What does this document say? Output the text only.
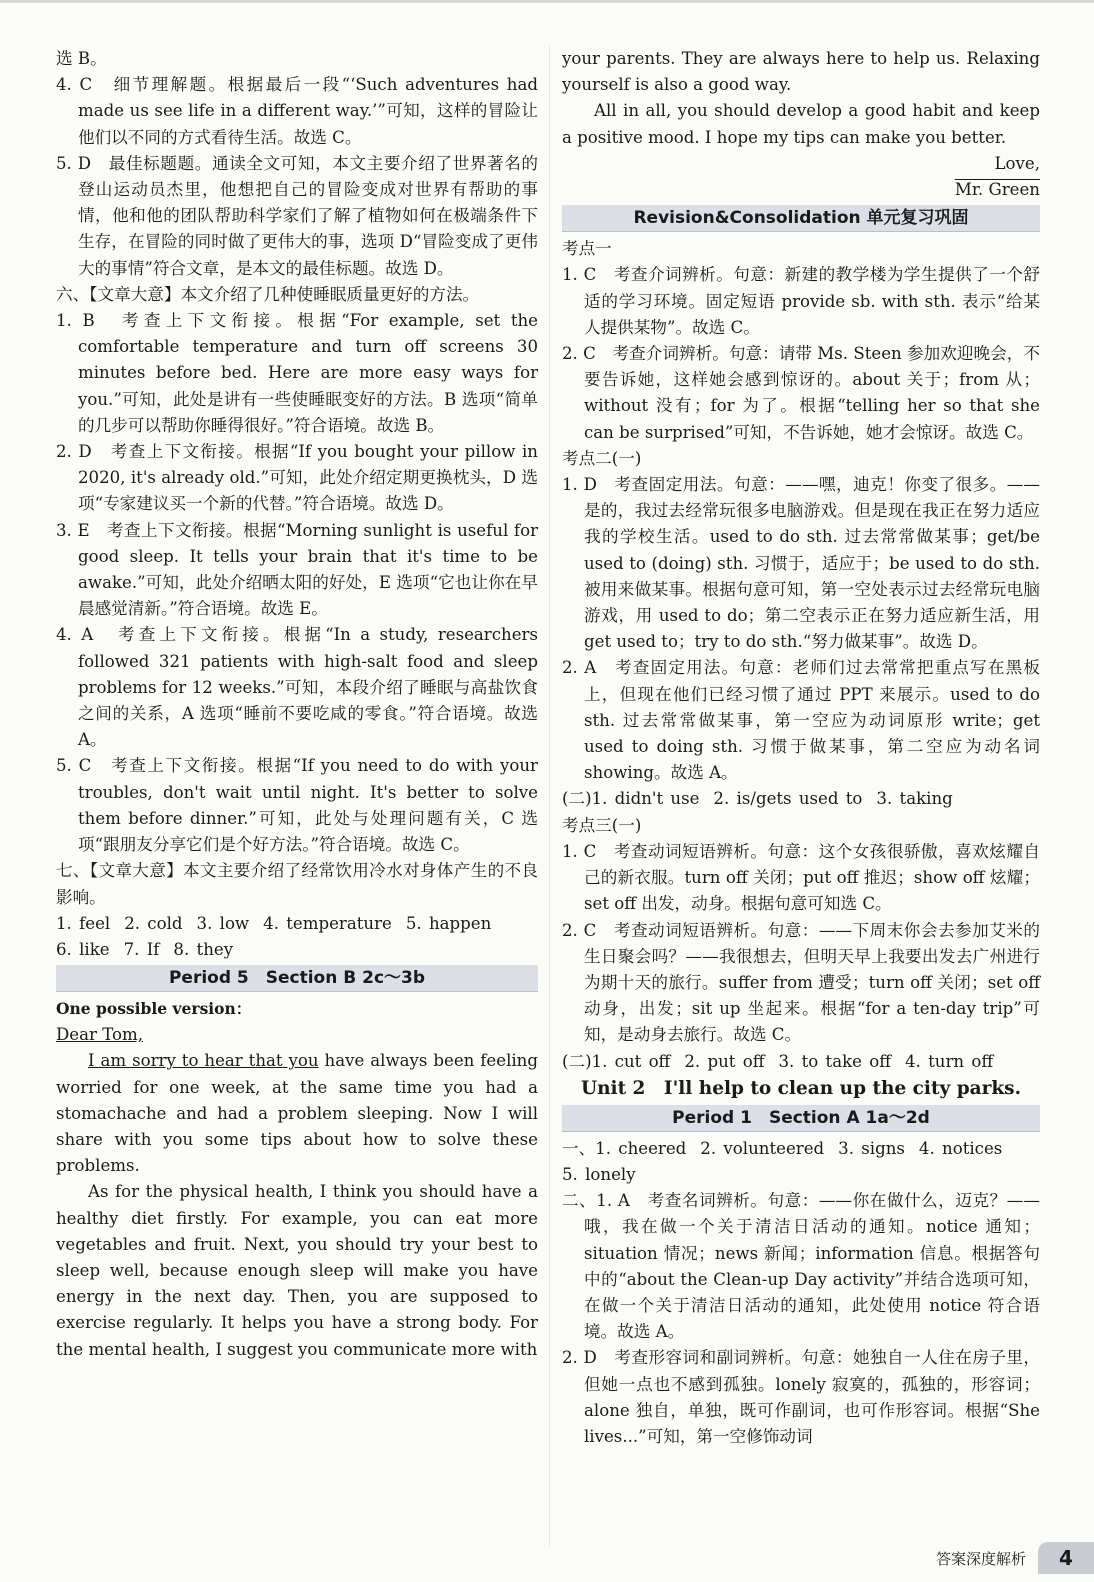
选 B。

4. C　细节理解题。根据最后一段“‘Such adventures had made us see life in a different way.’”可知，这样的冒险让他们以不同的方式看待生活。故选 C。

5. D　最佳标题题。通读全文可知，本文主要介绍了世界著名的登山运动员杰里，他想把自己的冒险变成对世界有帮助的事情，他和他的团队帮助科学家们了解了植物如何在极端条件下生存，在冒险的同时做了更伟大的事，选项 D“冒险变成了更伟大的事情”符合文章，是本文的最佳标题。故选 D。

六、【文章大意】本文介绍了几种使睡眠质量更好的方法。

1. B　考查上下文衔接。根据“For example, set the comfortable temperature and turn off screens 30 minutes before bed. Here are more easy ways for you.”可知，此处是讲有一些使睡眠变好的方法。B 选项“简单的几步可以帮助你睡得很好。”符合语境。故选 B。

2. D　考查上下文衔接。根据“If you bought your pillow in 2020, it's already old.”可知，此处介绍定期更换枕头，D 选项“专家建议买一个新的代替。”符合语境。故选 D。

3. E　考查上下文衔接。根据“Morning sunlight is useful for good sleep. It tells your brain that it's time to be awake.”可知，此处介绍晒太阳的好处，E 选项“它也让你在早晨感觉清新。”符合语境。故选 E。

4. A　考查上下文衔接。根据“In a study, researchers followed 321 patients with high-salt food and sleep problems for 12 weeks.”可知，本段介绍了睡眠与高盐饮食之间的关系，A 选项“睡前不要吃咸的零食。”符合语境。故选 A。

5. C　考查上下文衔接。根据“If you need to do with your troubles, don't wait until night. It's better to solve them before dinner.”可知，此处与处理问题有关，C 选项“跟朋友分享它们是个好方法。”符合语境。故选 C。

七、【文章大意】本文主要介绍了经常饮用冷水对身体产生的不良影响。

1. feel 2. cold 3. low 4. temperature 5. happen

6. like 7. If 8. they

Period 5　Section B 2c～3b

One possible version：

Dear Tom,

I am sorry to hear that you have always been feeling worried for one week, at the same time you had a stomachache and had a problem sleeping. Now I will share with you some tips about how to solve these problems.

As for the physical health, I think you should have a healthy diet firstly. For example, you can eat more vegetables and fruit. Next, you should try your best to sleep well, because enough sleep will make you have energy in the next day. Then, you are supposed to exercise regularly. It helps you have a strong body. For the mental health, I suggest you communicate more with

your parents. They are always here to help us. Relaxing yourself is also a good way.

All in all, you should develop a good habit and keep a positive mood. I hope my tips can make you better.

Love,

Mr. Green

Revision&Consolidation 单元复习巩固

考点一

1. C　考查介词辨析。句意：新建的教学楼为学生提供了一个舒适的学习环境。固定短语 provide sb. with sth. 表示“给某人提供某物”。故选 C。

2. C　考查介词辨析。句意：请带 Ms. Steen 参加欢迎晚会，不要告诉她，这样她会感到惊讶的。about 关于；from 从；without 没有；for 为了。根据“telling her so that she can be surprised”可知，不告诉她，她才会惊讶。故选 C。

考点二(一)

1. D　考查固定用法。句意：——嘿，迪克！你变了很多。——是的，我过去经常玩很多电脑游戏。但是现在我正在努力适应我的学校生活。used to do sth. 过去常常做某事；get/be used to (doing) sth. 习惯于，适应于；be used to do sth. 被用来做某事。根据句意可知，第一空处表示过去经常玩电脑游戏，用 used to do；第二空表示正在努力适应新生活，用 get used to；try to do sth.“努力做某事”。故选 D。

2. A　考查固定用法。句意：老师们过去常常把重点写在黑板上，但现在他们已经习惯了通过 PPT 来展示。used to do sth. 过去常常做某事，第一空应为动词原形 write；get used to doing sth. 习惯于做某事，第二空应为动名词 showing。故选 A。

(二)1. didn't use 2. is/gets used to 3. taking

考点三(一)

1. C　考查动词短语辨析。句意：这个女孩很骄傲，喜欢炫耀自己的新衣服。turn off 关闭；put off 推迟；show off 炫耀；set off 出发，动身。根据句意可知选 C。

2. C　考查动词短语辨析。句意：——下周末你会去参加艾米的生日聚会吗？——我很想去，但明天早上我要出发去广州进行为期十天的旅行。suffer from 遭受；turn off 关闭；set off 动身，出发；sit up 坐起来。根据“for a ten-day trip”可知，是动身去旅行。故选 C。

(二)1. cut off 2. put off 3. to take off 4. turn off

Unit 2　I'll help to clean up the city parks.

Period 1　Section A 1a～2d

一、1. cheered 2. volunteered 3. signs 4. notices

5. lonely

二、1. A　考查名词辨析。句意：——你在做什么，迈克？——哦，我在做一个关于清洁日活动的通知。notice 通知；situation 情况；news 新闻；information 信息。根据答句中的“about the Clean-up Day activity”并结合选项可知，在做一个关于清洁日活动的通知，此处使用 notice 符合语境。故选 A。

2. D　考查形容词和副词辨析。句意：她独自一人住在房子里，但她一点也不感到孤独。lonely 寂寞的，孤独的，形容词；alone 独自，单独，既可作副词，也可作形容词。根据“She lives...”可知，第一空修饰动词

答案深度解析	4
